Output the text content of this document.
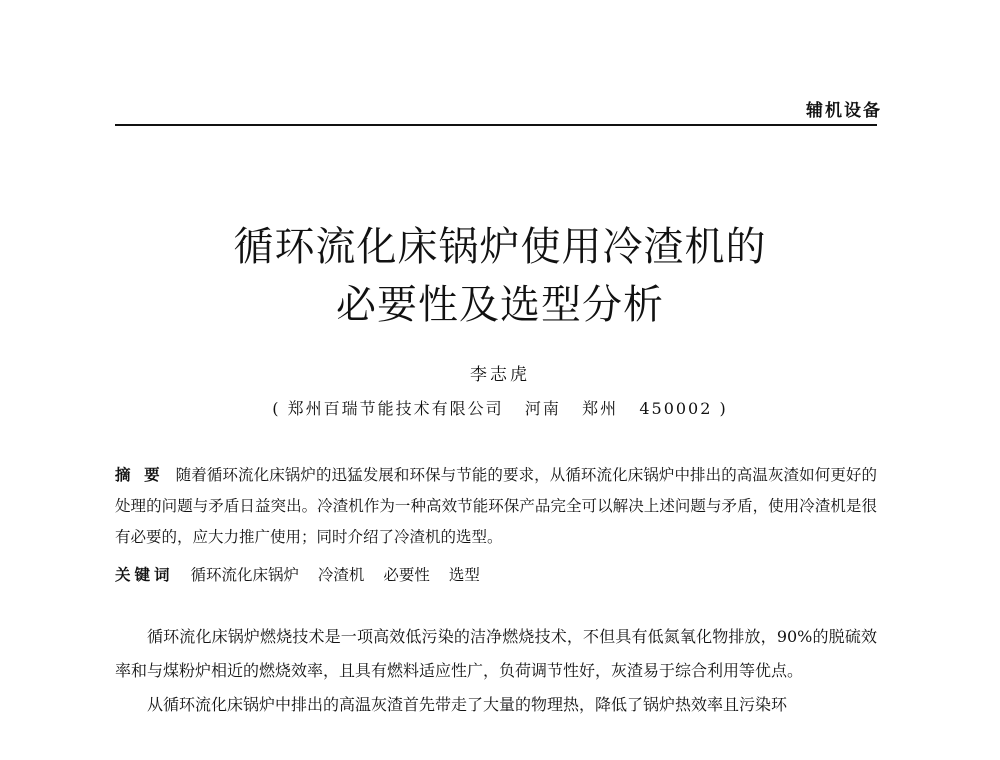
辅机设备
循环流化床锅炉使用冷渣机的
必要性及选型分析
李志虎
( 郑州百瑞节能技术有限公司   河南   郑州   450002 )
摘 要 随着循环流化床锅炉的迅猛发展和环保与节能的要求，从循环流化床锅炉中排出的高温灰渣如何更好的处理的问题与矛盾日益突出。冷渣机作为一种高效节能环保产品完全可以解决上述问题与矛盾，使用冷渣机是很有必要的，应大力推广使用；同时介绍了冷渣机的选型。
关键词 循环流化床锅炉 冷渣机 必要性 选型

循环流化床锅炉燃烧技术是一项高效低污染的洁净燃烧技术，不但具有低氮氧化物排放，90%的脱硫效率和与煤粉炉相近的燃烧效率，且具有燃料适应性广，负荷调节性好，灰渣易于综合利用等优点。

从循环流化床锅炉中排出的高温灰渣首先带走了大量的物理热，降低了锅炉热效率且污染环
